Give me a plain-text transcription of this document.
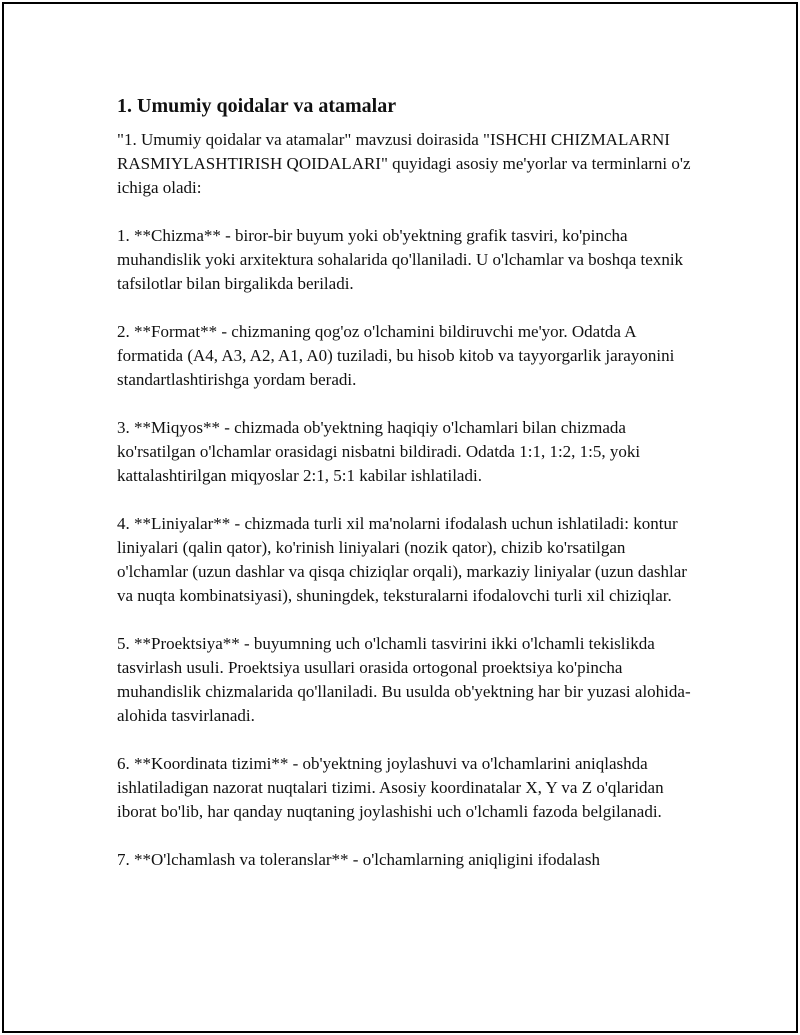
1. Umumiy qoidalar va atamalar

"1. Umumiy qoidalar va atamalar" mavzusi doirasida "ISHCHI CHIZMALARNI RASMIYLASHTIRISH QOIDALARI" quyidagi asosiy me'yorlar va terminlarni o'z ichiga oladi:

1. **Chizma** - biror-bir buyum yoki ob'yektning grafik tasviri, ko'pincha muhandislik yoki arxitektura sohalarida qo'llaniladi. U o'lchamlar va boshqa texnik tafsilotlar bilan birgalikda beriladi.

2. **Format** - chizmaning qog'oz o'lchamini bildiruvchi me'yor. Odatda A formatida (A4, A3, A2, A1, A0) tuziladi, bu hisob kitob va tayyorgarlik jarayonini standartlashtirishga yordam beradi.

3. **Miqyos** - chizmada ob'yektning haqiqiy o'lchamlari bilan chizmada ko'rsatilgan o'lchamlar orasidagi nisbatni bildiradi. Odatda 1:1, 1:2, 1:5, yoki kattalashtirilgan miqyoslar 2:1, 5:1 kabilar ishlatiladi.

4. **Liniyalar** - chizmada turli xil ma'nolarni ifodalash uchun ishlatiladi: kontur liniyalari (qalin qator), ko'rinish liniyalari (nozik qator), chizib ko'rsatilgan o'lchamlar (uzun dashlar va qisqa chiziqlar orqali), markaziy liniyalar (uzun dashlar va nuqta kombinatsiyasi), shuningdek, teksturalarni ifodalovchi turli xil chiziqlar.

5. **Proektsiya** - buyumning uch o'lchamli tasvirini ikki o'lchamli tekislikda tasvirlash usuli. Proektsiya usullari orasida ortogonal proektsiya ko'pincha muhandislik chizmalarida qo'llaniladi. Bu usulda ob'yektning har bir yuzasi alohida-alohida tasvirlanadi.

6. **Koordinata tizimi** - ob'yektning joylashuvi va o'lchamlarini aniqlashda ishlatiladigan nazorat nuqtalari tizimi. Asosiy koordinatalar X, Y va Z o'qlaridan iborat bo'lib, har qanday nuqtaning joylashishi uch o'lchamli fazoda belgilanadi.

7. **O'lchamlash va toleranslar** - o'lchamlarning aniqligini ifodalash
